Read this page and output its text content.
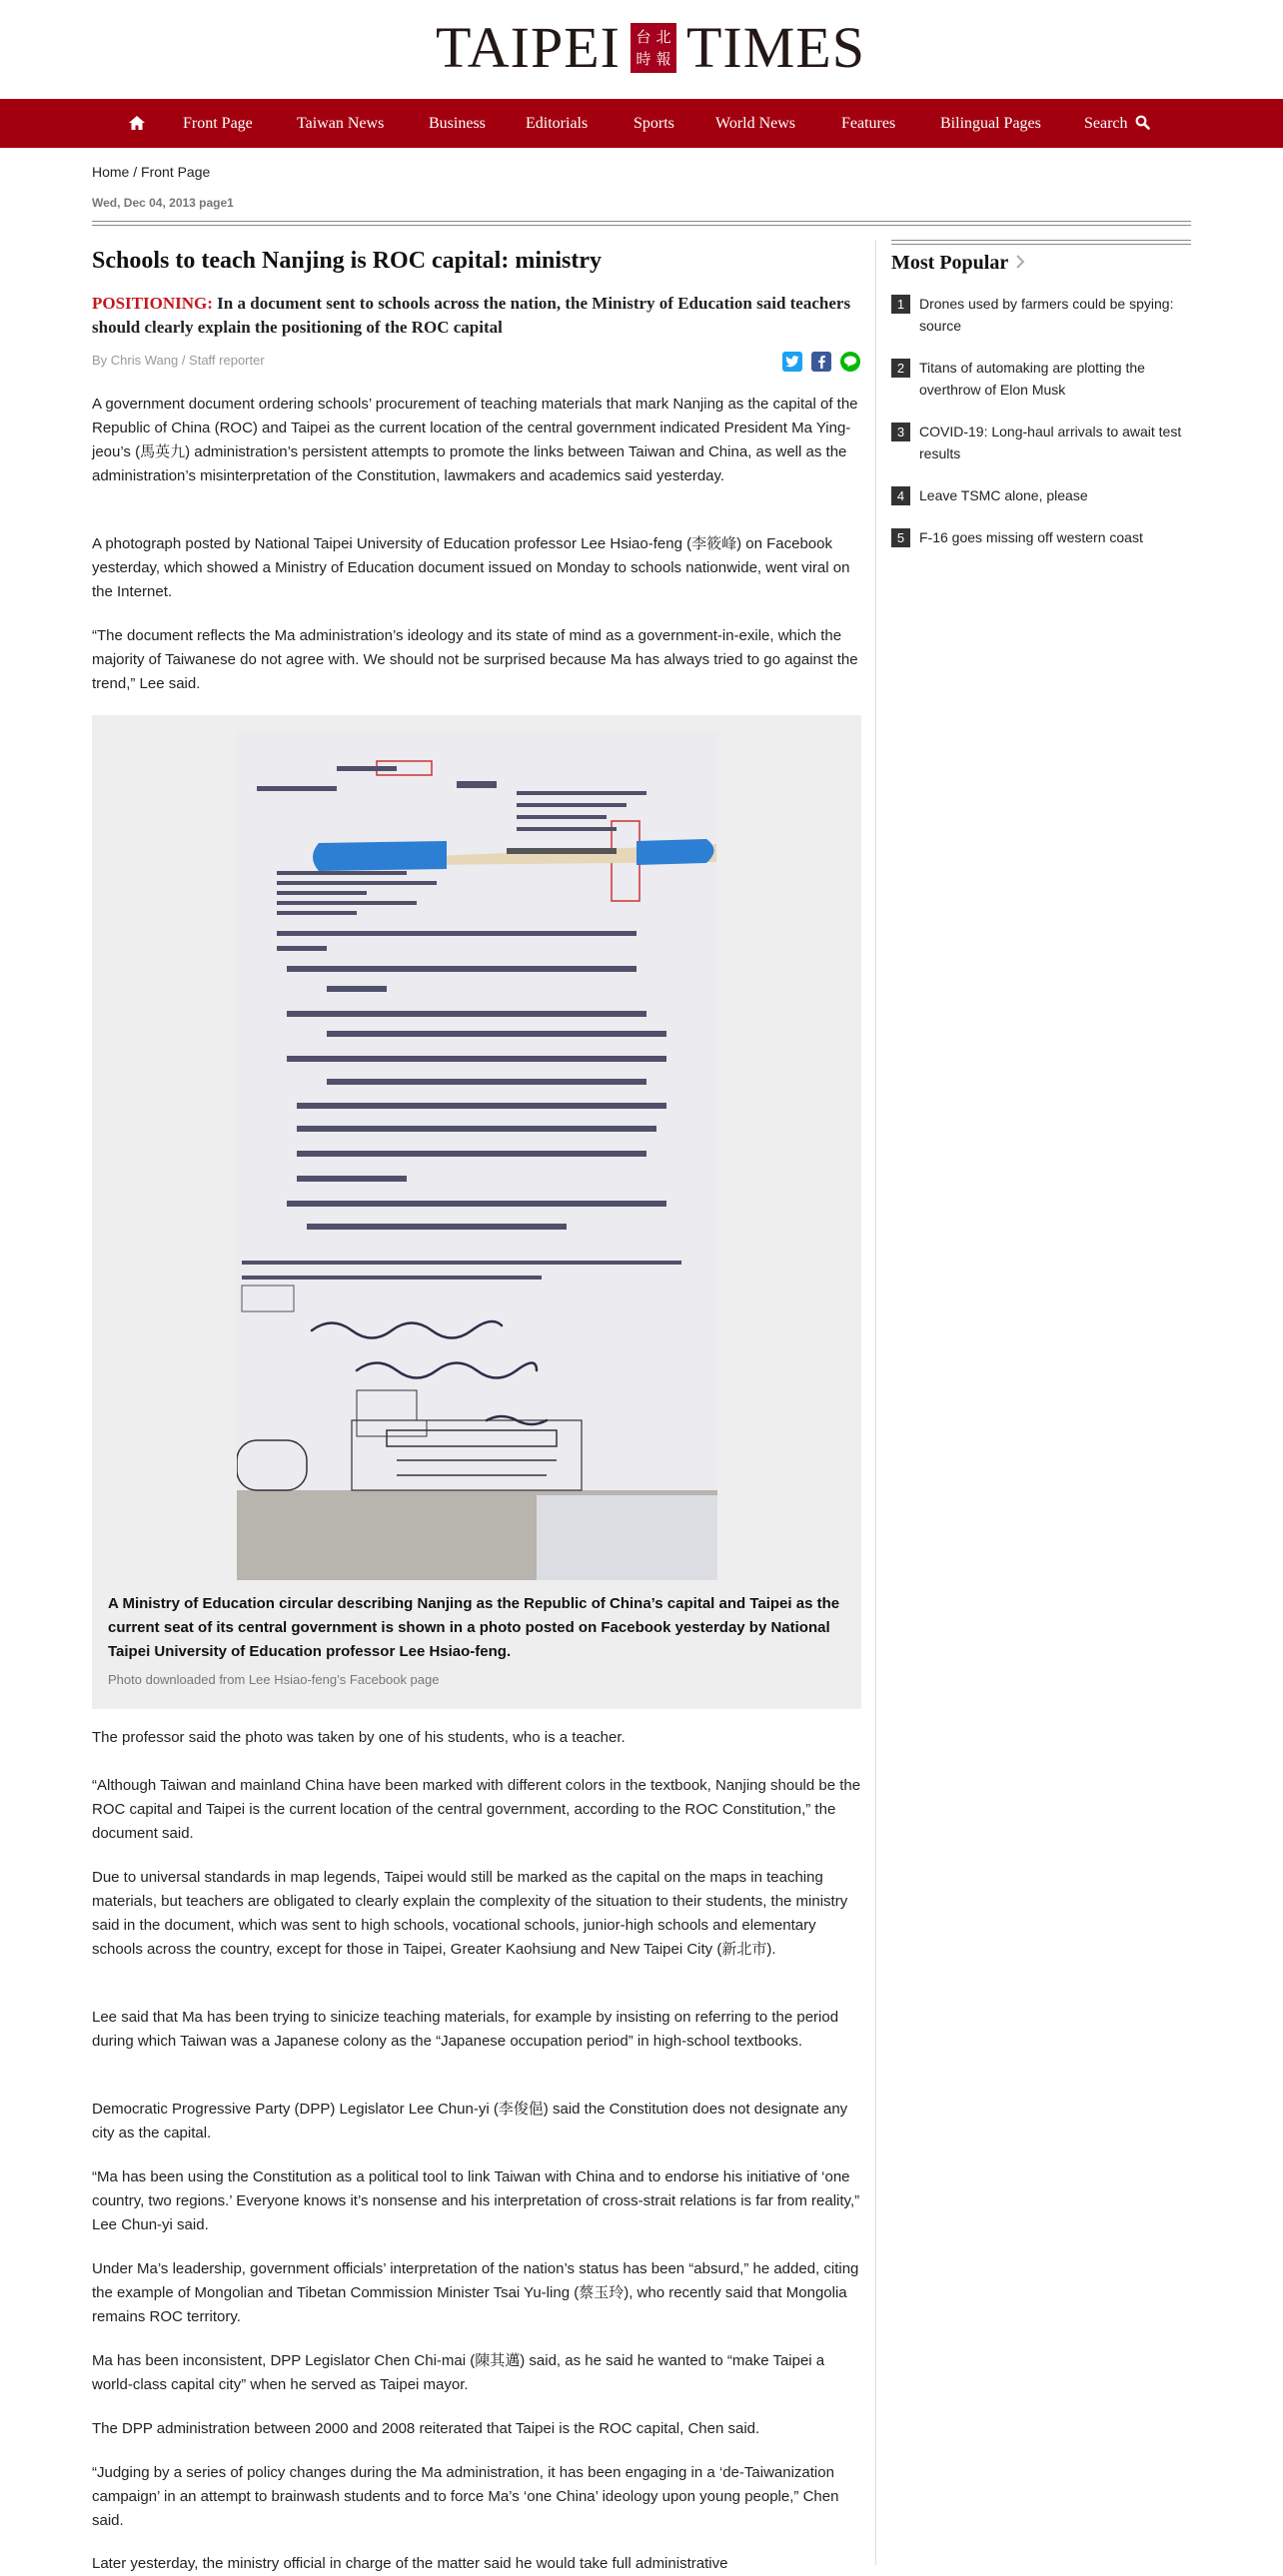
TAIPEI 台 北
時 報 TIMES
Front Page	Taiwan News	Business	Editorials	Sports	World News	Features	Bilingual Pages	Search
Home / Front Page
Wed, Dec 04, 2013 page1
Schools to teach Nanjing is ROC capital: ministry
POSITIONING: In a document sent to schools across the nation, the Ministry of Education said teachers should clearly explain the positioning of the ROC capital
By Chris Wang / Staff reporter

A government document ordering schools’ procurement of teaching materials that mark Nanjing as the capital of the Republic of China (ROC) and Taipei as the current location of the central government indicated President Ma Ying-jeou’s (馬英九) administration’s persistent attempts to promote the links between Taiwan and China, as well as the administration’s misinterpretation of the Constitution, lawmakers and academics said yesterday.

A photograph posted by National Taipei University of Education professor Lee Hsiao-feng (李筱峰) on Facebook yesterday, which showed a Ministry of Education document issued on Monday to schools nationwide, went viral on the Internet.

“The document reflects the Ma administration’s ideology and its state of mind as a government-in-exile, which the majority of Taiwanese do not agree with. We should not be surprised because Ma has always tried to go against the trend,” Lee said.

A Ministry of Education circular describing Nanjing as the Republic of China’s capital and Taipei as the current seat of its central government is shown in a photo posted on Facebook yesterday by National Taipei University of Education professor Lee Hsiao-feng.
Photo downloaded from Lee Hsiao-feng’s Facebook page

The professor said the photo was taken by one of his students, who is a teacher.

“Although Taiwan and mainland China have been marked with different colors in the textbook, Nanjing should be the ROC capital and Taipei is the current location of the central government, according to the ROC Constitution,” the document said.

Due to universal standards in map legends, Taipei would still be marked as the capital on the maps in teaching materials, but teachers are obligated to clearly explain the complexity of the situation to their students, the ministry said in the document, which was sent to high schools, vocational schools, junior-high schools and elementary schools across the country, except for those in Taipei, Greater Kaohsiung and New Taipei City (新北市).

Lee said that Ma has been trying to sinicize teaching materials, for example by insisting on referring to the period during which Taiwan was a Japanese colony as the “Japanese occupation period” in high-school textbooks.

Democratic Progressive Party (DPP) Legislator Lee Chun-yi (李俊俋) said the Constitution does not designate any city as the capital.

“Ma has been using the Constitution as a political tool to link Taiwan with China and to endorse his initiative of ‘one country, two regions.’ Everyone knows it’s nonsense and his interpretation of cross-strait relations is far from reality,” Lee Chun-yi said.

Under Ma’s leadership, government officials’ interpretation of the nation’s status has been “absurd,” he added, citing the example of Mongolian and Tibetan Commission Minister Tsai Yu-ling (蔡玉玲), who recently said that Mongolia remains ROC territory.

Ma has been inconsistent, DPP Legislator Chen Chi-mai (陳其邁) said, as he said he wanted to “make Taipei a world-class capital city” when he served as Taipei mayor.

The DPP administration between 2000 and 2008 reiterated that Taipei is the ROC capital, Chen said.

“Judging by a series of policy changes during the Ma administration, it has been engaging in a ‘de-Taiwanization campaign’ in an attempt to brainwash students and to force Ma’s ‘one China’ ideology upon young people,” Chen said.

Later yesterday, the ministry official in charge of the matter said he would take full administrative

Most Popular
1	Drones used by farmers could be spying: source
2	Titans of automaking are plotting the overthrow of Elon Musk
3	COVID-19: Long-haul arrivals to await test results
4	Leave TSMC alone, please
5	F-16 goes missing off western coast
